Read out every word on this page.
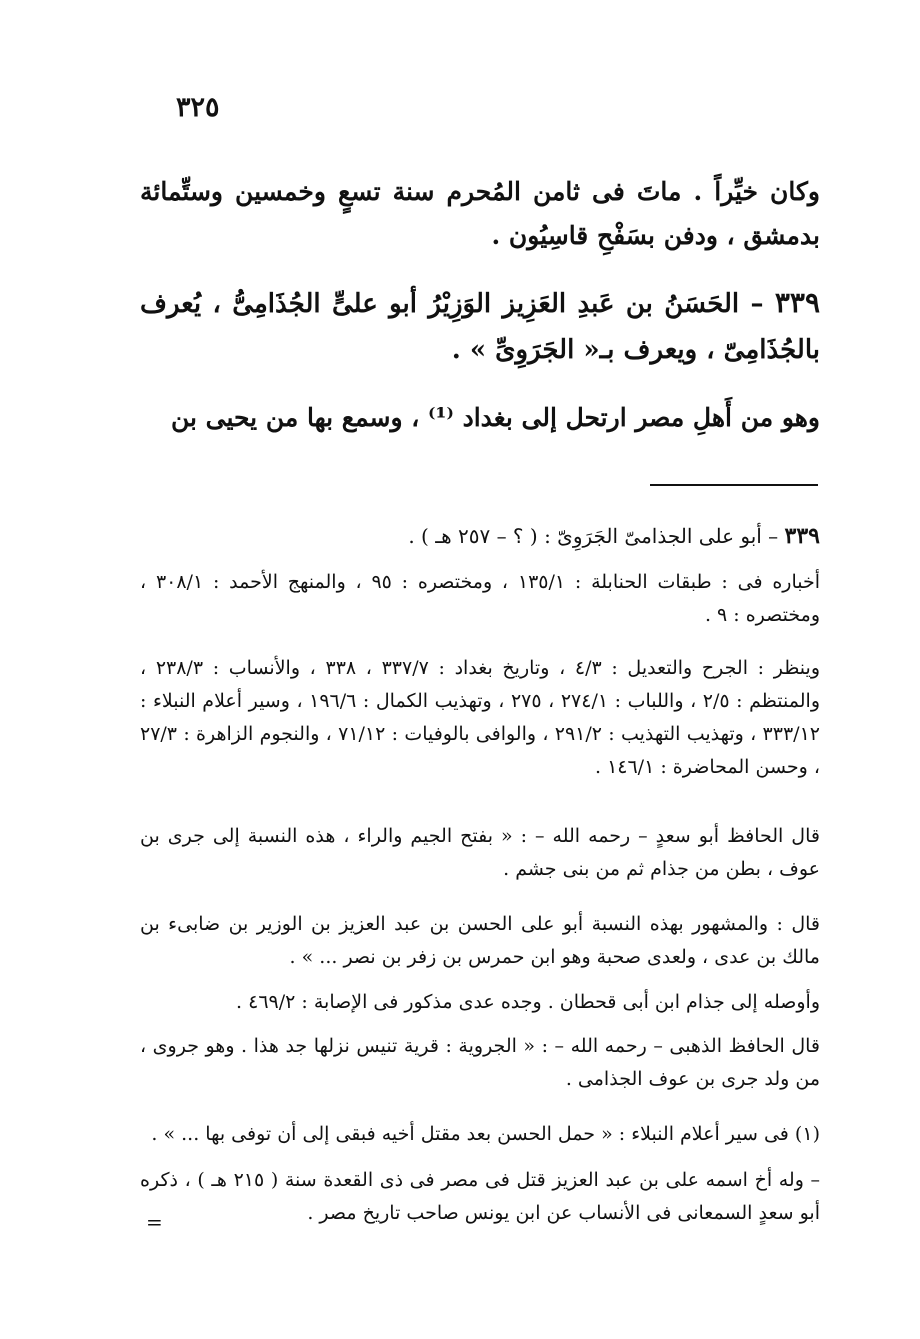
٣٢٥

وكان خيِّراً . ماتَ فى ثامن المُحرم سنة تسعٍ وخمسين وستِّمائة بدمشق ، ودفن بسَفْحِ قاسِيُون .

٣٣٩ – الحَسَنُ بن عَبدِ العَزِيز الوَزِيْرُ أبو علىٍّ الجُذَامِىُّ ، يُعرف بالجُذَامِىّ ، ويعرف بـ« الجَرَوِىِّ » .

وهو من أَهلِ مصر ارتحل إلى بغداد ⁽¹⁾ ، وسمع بها من يحيى بن

٣٣٩ – أبو على الجذامىّ الجَرَوِىّ : ( ؟ – ٢٥٧ هـ ) .

أخباره فى : طبقات الحنابلة : ١٣٥/١ ، ومختصره : ٩٥ ، والمنهج الأحمد : ٣٠٨/١ ، ومختصره : ٩ .

وينظر : الجرح والتعديل : ٤/٣ ، وتاريخ بغداد : ٣٣٧/٧ ، ٣٣٨ ، والأنساب : ٢٣٨/٣ ، والمنتظم : ٢/٥ ، واللباب : ٢٧٤/١ ، ٢٧٥ ، وتهذيب الكمال : ١٩٦/٦ ، وسير أعلام النبلاء : ٣٣٣/١٢ ، وتهذيب التهذيب : ٢٩١/٢ ، والوافى بالوفيات : ٧١/١٢ ، والنجوم الزاهرة : ٢٧/٣ ، وحسن المحاضرة : ١٤٦/١ .

قال الحافظ أبو سعدٍ – رحمه الله – : « بفتح الجيم والراء ، هذه النسبة إلى جرى بن عوف ، بطن من جذام ثم من بنى جشم .

قال : والمشهور بهذه النسبة أبو على الحسن بن عبد العزيز بن الوزير بن ضابىء بن مالك بن عدى ، ولعدى صحبة وهو ابن حمرس بن زفر بن نصر ... » .

وأوصله إلى جذام ابن أبى قحطان . وجده عدى مذكور فى الإصابة : ٤٦٩/٢ .

قال الحافظ الذهبى – رحمه الله – : « الجروية : قرية تنيس نزلها جد هذا . وهو جروى ، من ولد جرى بن عوف الجذامى .

(١) فى سير أعلام النبلاء : « حمل الحسن بعد مقتل أخيه فبقى إلى أن توفى بها ... » .

– وله أخ اسمه على بن عبد العزيز قتل فى مصر فى ذى القعدة سنة ( ٢١٥ هـ ) ، ذكره أبو سعدٍ السمعانى فى الأنساب عن ابن يونس صاحب تاريخ مصر .

=
